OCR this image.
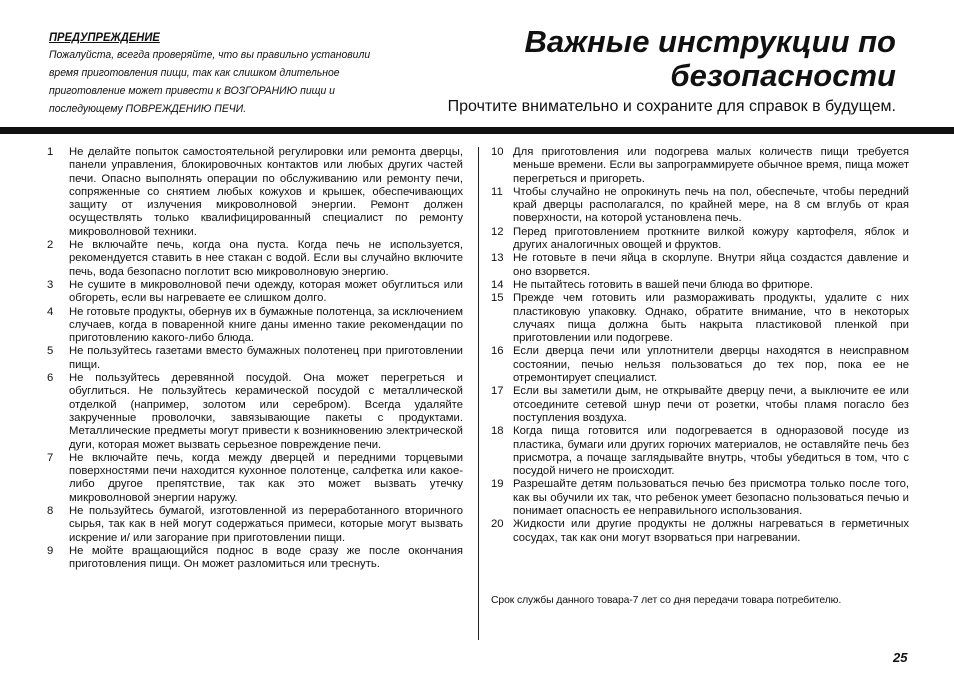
ПРЕДУПРЕЖДЕНИЕ
Пожалуйста, всегда проверяйте, что вы правильно установили время приготовления пищи, так как слишком длительное приготовление может привести к ВОЗГОРАНИЮ пищи и последующему ПОВРЕЖДЕНИЮ ПЕЧИ.
Важные инструкции по безопасности

Прочтите внимательно и сохраните для справок в будущем.

1	Не делайте попыток самостоятельной регулировки или ремонта дверцы, панели управления, блокировочных контактов или любых других частей печи. Опасно выполнять операции по обслуживанию или ремонту печи, сопряженные со снятием любых кожухов и крышек, обеспечивающих защиту от излучения микроволновой энергии. Ремонт должен осуществлять только квалифицированный специалист по ремонту микроволновой техники.
2	Не включайте печь, когда она пуста. Когда печь не используется, рекомендуется ставить в нее стакан с водой. Если вы случайно включите печь, вода безопасно поглотит всю микроволновую энергию.
3	Не сушите в микроволновой печи одежду, которая может обуглиться или обгореть, если вы нагреваете ее слишком долго.
4	Не готовьте продукты, обернув их в бумажные полотенца, за исключением случаев, когда в поваренной книге даны именно такие рекомендации по приготовлению какого-либо блюда.
5	Не пользуйтесь газетами вместо бумажных полотенец при приготовлении пищи.
6	Не пользуйтесь деревянной посудой. Она может перегреться и обуглиться. Не пользуйтесь керамической посудой с металлической отделкой (например, золотом или серебром). Всегда удаляйте закрученные проволочки, завязывающие пакеты с продуктами. Металлические предметы могут привести к возникновению электрической дуги, которая может вызвать серьезное повреждение печи.
7	Не включайте печь, когда между дверцей и передними торцевыми поверхностями печи находится кухонное полотенце, салфетка или какое-либо другое препятствие, так как это может вызвать утечку микроволновой энергии наружу.
8	Не пользуйтесь бумагой, изготовленной из переработанного вторичного сырья, так как в ней могут содержаться примеси, которые могут вызвать искрение и/ или загорание при приготовлении пищи.
9	Не мойте вращающийся поднос в воде сразу же после окончания приготовления пищи. Он может разломиться или треснуть.
10 Для приготовления или подогрева малых количеств пищи требуется меньше времени. Если вы запрограммируете обычное время, пища может перегреться и пригореть.
11 Чтобы случайно не опрокинуть печь на пол, обеспечьте, чтобы передний край дверцы располагался, по крайней мере, на 8 см вглубь от края поверхности, на которой установлена печь.
12 Перед приготовлением проткните вилкой кожуру картофеля, яблок и других аналогичных овощей и фруктов.
13 Не готовьте в печи яйца в скорлупе. Внутри яйца создастся давление и оно взорвется.
14 Не пытайтесь готовить в вашей печи блюда во фритюре.
15 Прежде чем готовить или размораживать продукты, удалите с них пластиковую упаковку. Однако, обратите внимание, что в некоторых случаях пища должна быть накрыта пластиковой пленкой при приготовлении или подогреве.
16 Если дверца печи или уплотнители дверцы находятся в неисправном состоянии, печью нельзя пользоваться до тех пор, пока ее не отремонтирует специалист.
17 Если вы заметили дым, не открывайте дверцу печи, а выключите ее или отсоедините сетевой шнур печи от розетки, чтобы пламя погасло без поступления воздуха.
18 Когда пища готовится или подогревается в одноразовой посуде из пластика, бумаги или других горючих материалов, не оставляйте печь без присмотра, а почаще заглядывайте внутрь, чтобы убедиться в том, что с посудой ничего не происходит.
19 Разрешайте детям пользоваться печью без присмотра только после того, как вы обучили их так, что ребенок умеет безопасно пользоваться печью и понимает опасность ее неправильного использования.
20 Жидкости или другие продукты не должны нагреваться в герметичных сосудах, так как они могут взорваться при нагревании.
Срок службы данного товара-7 лет со дня передачи товара потребителю.
25
